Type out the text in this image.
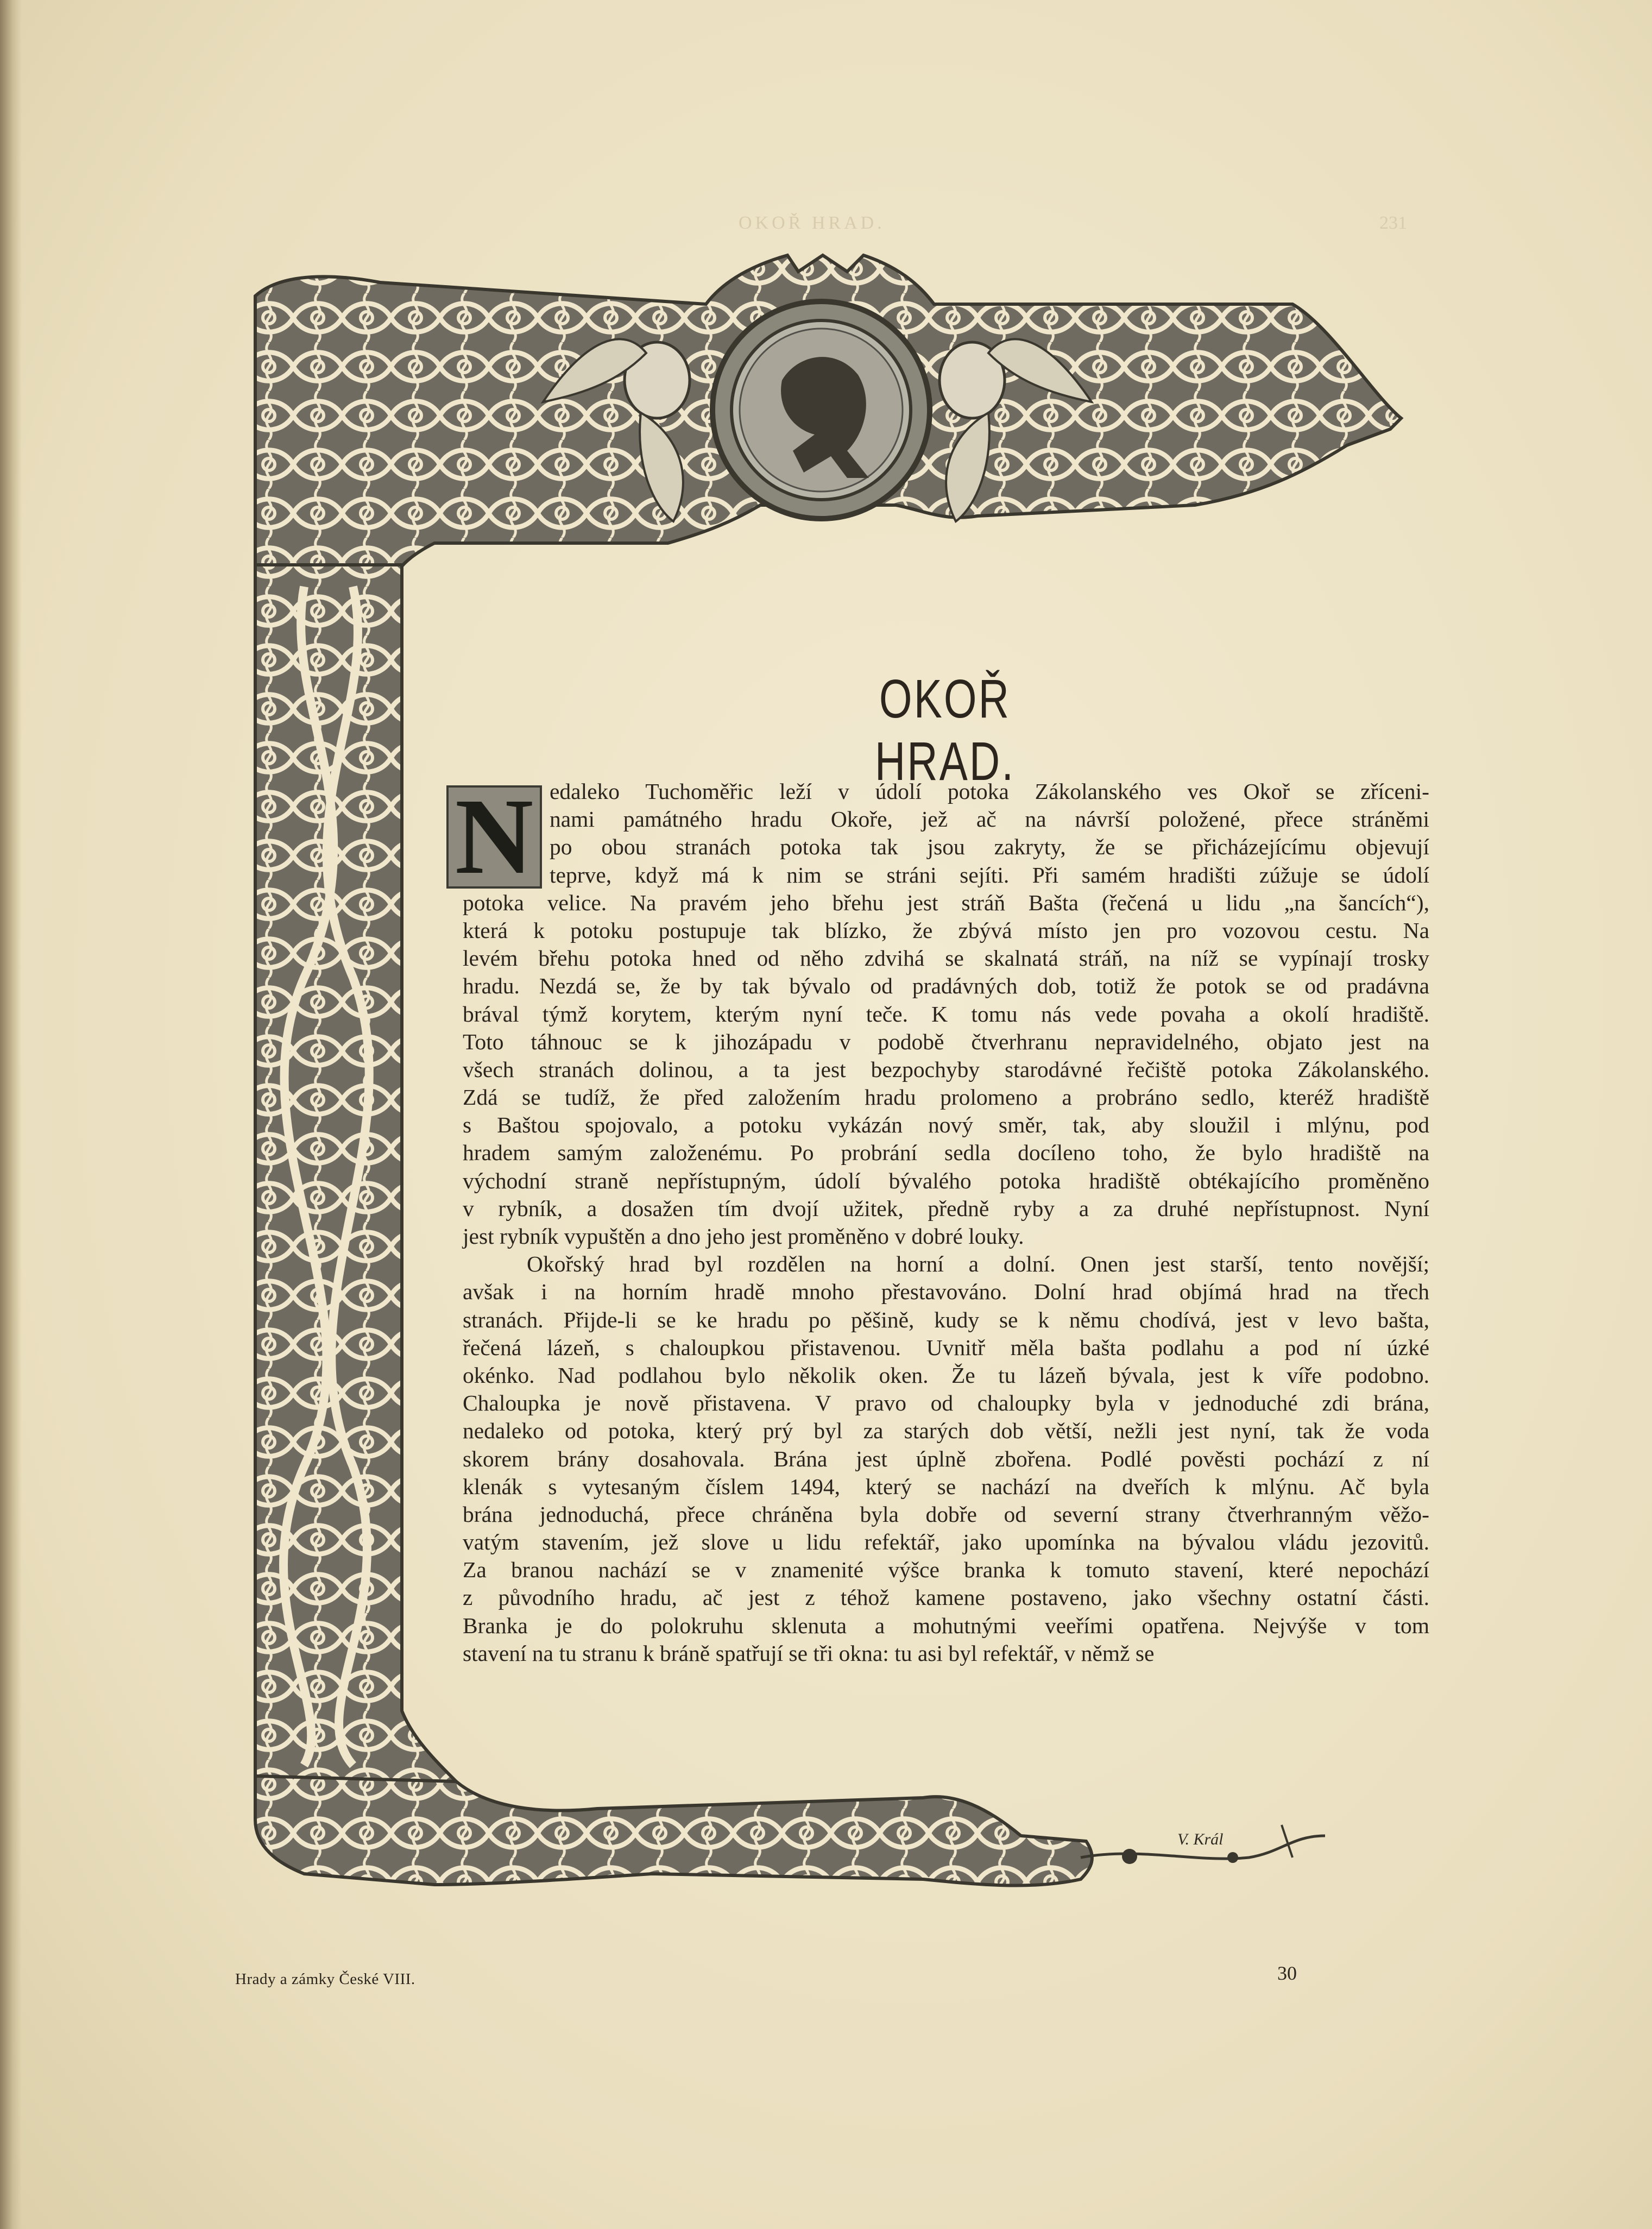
OKOŘ HRAD.	231
OKOŘ HRAD.
N edaleko Tuchoměřic leží v údolí potoka Zákolanského ves Okoř se zříceni-
nami památného hradu Okoře, jež ač na návrší položené, přece stráněmi
po obou stranách potoka tak jsou zakryty, že se přicházejícímu objevují
teprve, když má k nim se stráni sejíti. Při samém hradišti zúžuje se údolí
potoka velice. Na pravém jeho břehu jest stráň Bašta (řečená u lidu „na šancích“),
která k potoku postupuje tak blízko, že zbývá místo jen pro vozovou cestu. Na
levém břehu potoka hned od něho zdvihá se skalnatá stráň, na níž se vypínají trosky
hradu. Nezdá se, že by tak bývalo od pradávných dob, totiž že potok se od pradávna
brával týmž korytem, kterým nyní teče. K tomu nás vede povaha a okolí hradiště.
Toto táhnouc se k jihozápadu v podobě čtverhranu nepravidelného, objato jest na
všech stranách dolinou, a ta jest bezpochyby starodávné řečiště potoka Zákolanského.
Zdá se tudíž, že před založením hradu prolomeno a probráno sedlo, kteréž hradiště
s Baštou spojovalo, a potoku vykázán nový směr, tak, aby sloužil i mlýnu, pod
hradem samým založenému. Po probrání sedla docíleno toho, že bylo hradiště na
východní straně nepřístupným, údolí bývalého potoka hradiště obtékajícího proměněno
v rybník, a dosažen tím dvojí užitek, předně ryby a za druhé nepřístupnost. Nyní
jest rybník vypuštěn a dno jeho jest proměněno v dobré louky.
Okořský hrad byl rozdělen na horní a dolní. Onen jest starší, tento novější;
avšak i na horním hradě mnoho přestavováno. Dolní hrad objímá hrad na třech
stranách. Přijde-li se ke hradu po pěšině, kudy se k němu chodívá, jest v levo bašta,
řečená lázeň, s chaloupkou přistavenou. Uvnitř měla bašta podlahu a pod ní úzké
okénko. Nad podlahou bylo několik oken. Že tu lázeň bývala, jest k víře podobno.
Chaloupka je nově přistavena. V pravo od chaloupky byla v jednoduché zdi brána,
nedaleko od potoka, který prý byl za starých dob větší, nežli jest nyní, tak že voda
skorem brány dosahovala. Brána jest úplně zbořena. Podlé pověsti pochází z ní
klenák s vytesaným číslem 1494, který se nachází na dveřích k mlýnu. Ač byla
brána jednoduchá, přece chráněna byla dobře od severní strany čtverhranným věžo-
vatým stavením, jež slove u lidu refektář, jako upomínka na bývalou vládu jezovitů.
Za branou nachází se v znamenité výšce branka k tomuto stavení, které nepochází
z původního hradu, ač jest z téhož kamene postaveno, jako všechny ostatní části.
Branka je do polokruhu sklenuta a mohutnými veeřími opatřena. Nejvýše v tom
stavení na tu stranu k bráně spatřují se tři okna: tu asi byl refektář, v němž se
V. Král
Hrady a zámky České VIII.	30
